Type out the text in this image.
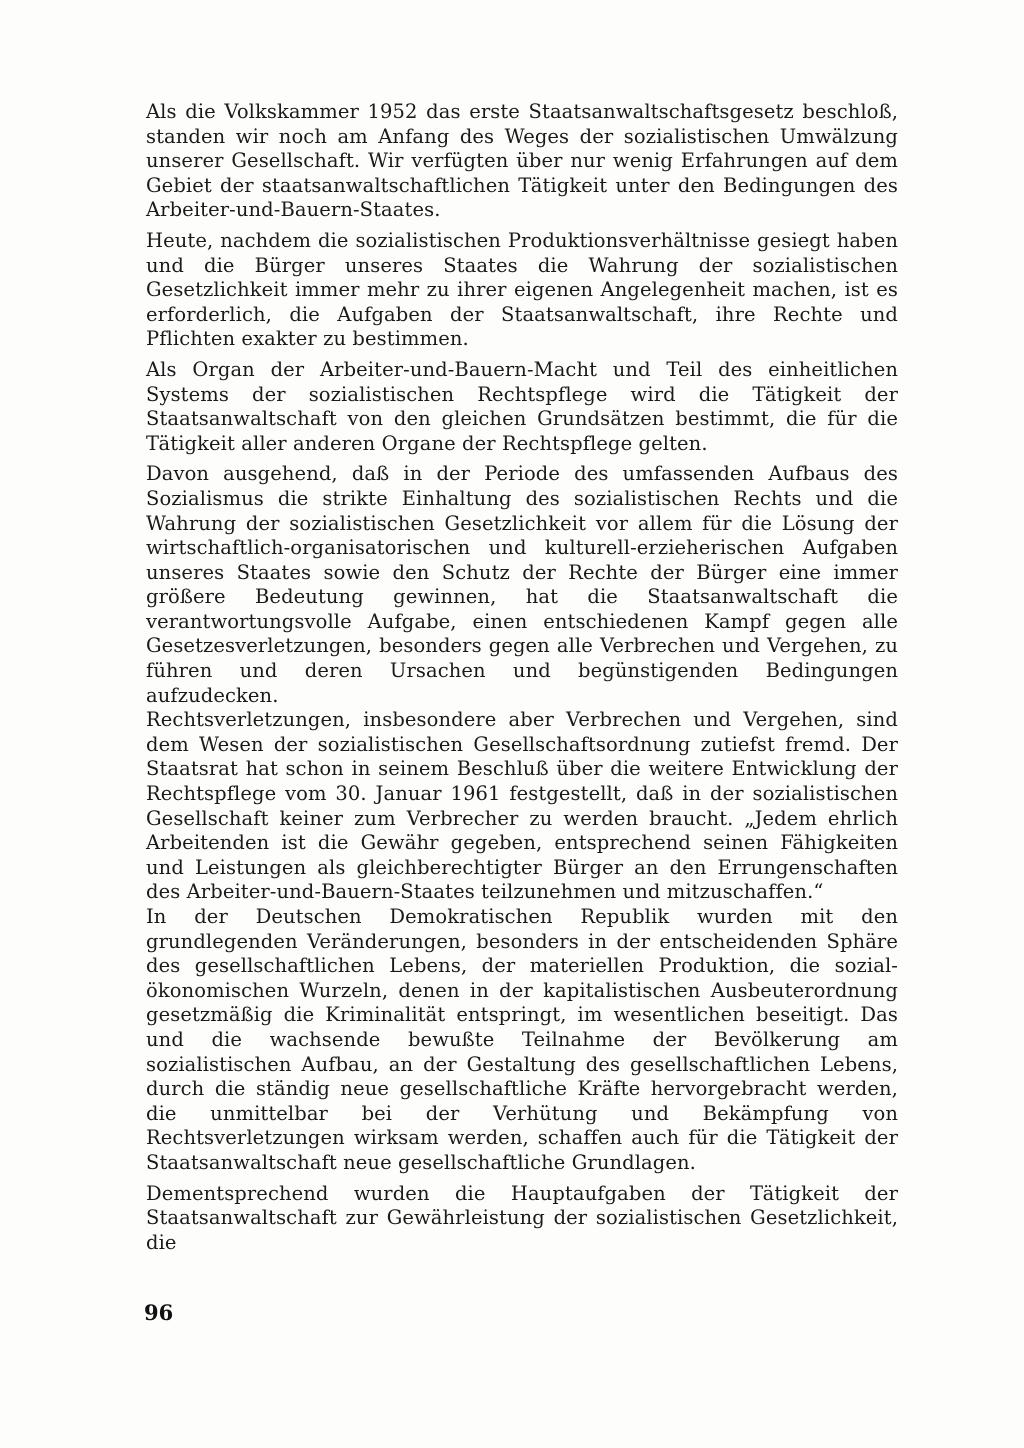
Als die Volkskammer 1952 das erste Staatsanwaltschaftsgesetz beschloß, standen wir noch am Anfang des Weges der sozialistischen Umwälzung unserer Gesellschaft. Wir verfügten über nur wenig Erfahrungen auf dem Gebiet der staatsanwaltschaftlichen Tätigkeit unter den Bedingungen des Arbeiter-und-Bauern-Staates.

Heute, nachdem die sozialistischen Produktionsverhältnisse gesiegt haben und die Bürger unseres Staates die Wahrung der sozialistischen Gesetzlichkeit immer mehr zu ihrer eigenen Angelegenheit machen, ist es erforderlich, die Aufgaben der Staatsanwaltschaft, ihre Rechte und Pflichten exakter zu bestimmen.

Als Organ der Arbeiter-und-Bauern-Macht und Teil des einheitlichen Systems der sozialistischen Rechtspflege wird die Tätigkeit der Staatsanwaltschaft von den gleichen Grundsätzen bestimmt, die für die Tätigkeit aller anderen Organe der Rechtspflege gelten.

Davon ausgehend, daß in der Periode des umfassenden Aufbaus des Sozialismus die strikte Einhaltung des sozialistischen Rechts und die Wahrung der sozialistischen Gesetzlichkeit vor allem für die Lösung der wirtschaftlich-organisatorischen und kulturell-erzieherischen Aufgaben unseres Staates sowie den Schutz der Rechte der Bürger eine immer größere Bedeutung gewinnen, hat die Staatsanwaltschaft die verantwortungsvolle Aufgabe, einen entschiedenen Kampf gegen alle Gesetzesverletzungen, besonders gegen alle Verbrechen und Vergehen, zu führen und deren Ursachen und begünstigenden Bedingungen aufzudecken.

Rechtsverletzungen, insbesondere aber Verbrechen und Vergehen, sind dem Wesen der sozialistischen Gesellschaftsordnung zutiefst fremd. Der Staatsrat hat schon in seinem Beschluß über die weitere Entwicklung der Rechtspflege vom 30. Januar 1961 festgestellt, daß in der sozialistischen Gesellschaft keiner zum Verbrecher zu werden braucht. „Jedem ehrlich Arbeitenden ist die Gewähr gegeben, entsprechend seinen Fähigkeiten und Leistungen als gleichberechtigter Bürger an den Errungenschaften des Arbeiter-und-Bauern-Staates teilzunehmen und mitzuschaffen.“

In der Deutschen Demokratischen Republik wurden mit den grundlegenden Veränderungen, besonders in der entscheidenden Sphäre des gesellschaftlichen Lebens, der materiellen Produktion, die sozial-ökonomischen Wurzeln, denen in der kapitalistischen Ausbeuterordnung gesetzmäßig die Kriminalität entspringt, im wesentlichen beseitigt. Das und die wachsende bewußte Teilnahme der Bevölkerung am sozialistischen Aufbau, an der Gestaltung des gesellschaftlichen Lebens, durch die ständig neue gesellschaftliche Kräfte hervorgebracht werden, die unmittelbar bei der Verhütung und Bekämpfung von Rechtsverletzungen wirksam werden, schaffen auch für die Tätigkeit der Staatsanwaltschaft neue gesellschaftliche Grundlagen.

Dementsprechend wurden die Hauptaufgaben der Tätigkeit der Staatsanwaltschaft zur Gewährleistung der sozialistischen Gesetzlichkeit, die

96
